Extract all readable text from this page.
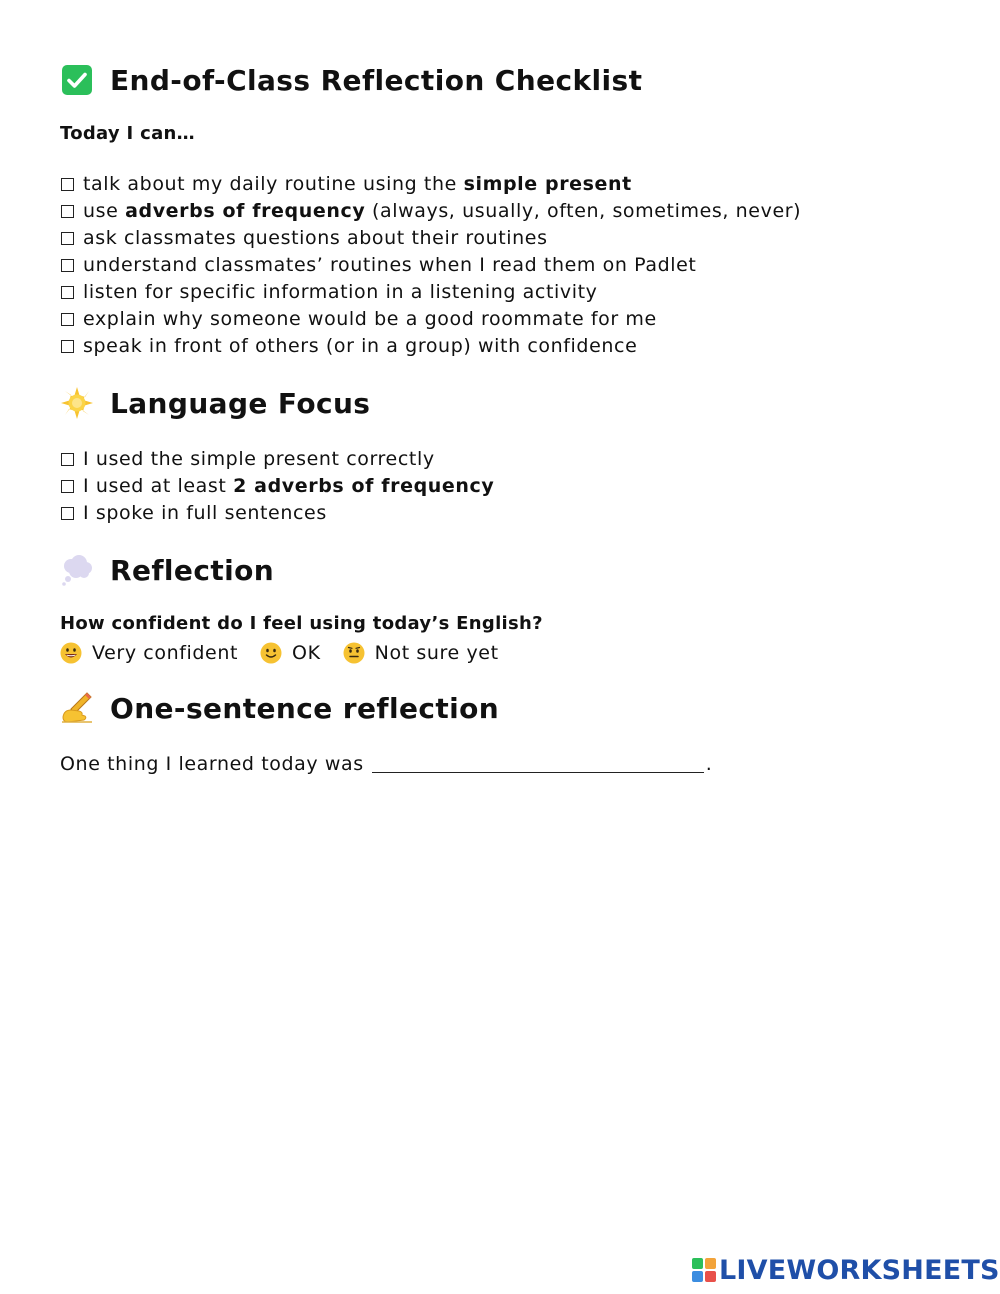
End-of-Class Reflection Checklist
Today I can…
talk about my daily routine using the simple present
use adverbs of frequency (always, usually, often, sometimes, never)
ask classmates questions about their routines
understand classmates’ routines when I read them on Padlet
listen for specific information in a listening activity
explain why someone would be a good roommate for me
speak in front of others (or in a group) with confidence
Language Focus
I used the simple present correctly
I used at least 2 adverbs of frequency
I spoke in full sentences
Reflection
How confident do I feel using today’s English?
Very confident	OK	Not sure yet
One-sentence reflection
One thing I learned today was	.
LIVEWORKSHEETS
